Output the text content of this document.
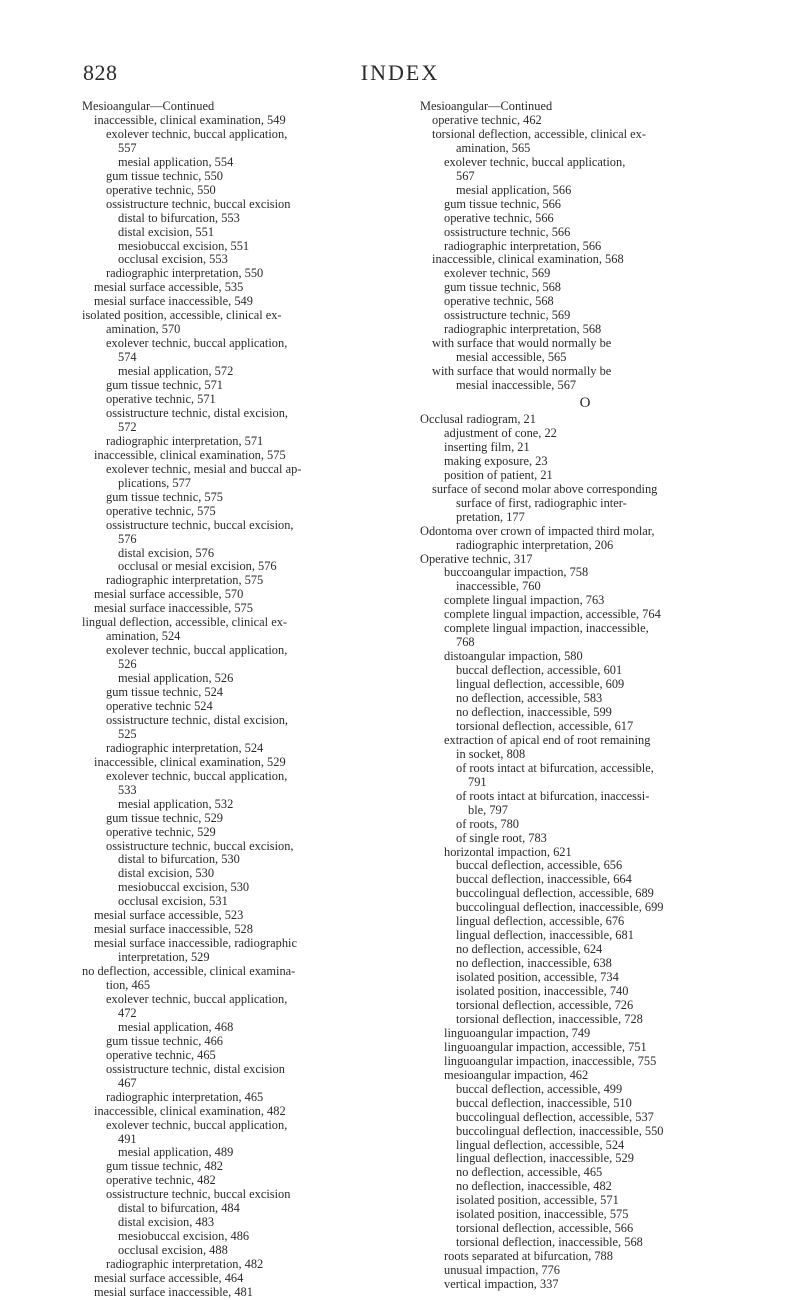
828	INDEX
Mesioangular—Continued
inaccessible, clinical examination, 549
exolever technic, buccal application,
557
mesial application, 554
gum tissue technic, 550
operative technic, 550
ossistructure technic, buccal excision
distal to bifurcation, 553
distal excision, 551
mesiobuccal excision, 551
occlusal excision, 553
radiographic interpretation, 550
mesial surface accessible, 535
mesial surface inaccessible, 549
isolated position, accessible, clinical ex-
amination, 570
exolever technic, buccal application,
574
mesial application, 572
gum tissue technic, 571
operative technic, 571
ossistructure technic, distal excision,
572
radiographic interpretation, 571
inaccessible, clinical examination, 575
exolever technic, mesial and buccal ap-
plications, 577
gum tissue technic, 575
operative technic, 575
ossistructure technic, buccal excision,
576
distal excision, 576
occlusal or mesial excision, 576
radiographic interpretation, 575
mesial surface accessible, 570
mesial surface inaccessible, 575
lingual deflection, accessible, clinical ex-
amination, 524
exolever technic, buccal application,
526
mesial application, 526
gum tissue technic, 524
operative technic 524
ossistructure technic, distal excision,
525
radiographic interpretation, 524
inaccessible, clinical examination, 529
exolever technic, buccal application,
533
mesial application, 532
gum tissue technic, 529
operative technic, 529
ossistructure technic, buccal excision,
distal to bifurcation, 530
distal excision, 530
mesiobuccal excision, 530
occlusal excision, 531
mesial surface accessible, 523
mesial surface inaccessible, 528
mesial surface inaccessible, radiographic
interpretation, 529
no deflection, accessible, clinical examina-
tion, 465
exolever technic, buccal application,
472
mesial application, 468
gum tissue technic, 466
operative technic, 465
ossistructure technic, distal excision
467
radiographic interpretation, 465
inaccessible, clinical examination, 482
exolever technic, buccal application,
491
mesial application, 489
gum tissue technic, 482
operative technic, 482
ossistructure technic, buccal excision
distal to bifurcation, 484
distal excision, 483
mesiobuccal excision, 486
occlusal excision, 488
radiographic interpretation, 482
mesial surface accessible, 464
mesial surface inaccessible, 481
Mesioangular—Continued
operative technic, 462
torsional deflection, accessible, clinical ex-
amination, 565
exolever technic, buccal application,
567
mesial application, 566
gum tissue technic, 566
operative technic, 566
ossistructure technic, 566
radiographic interpretation, 566
inaccessible, clinical examination, 568
exolever technic, 569
gum tissue technic, 568
operative technic, 568
ossistructure technic, 569
radiographic interpretation, 568
with surface that would normally be
mesial accessible, 565
with surface that would normally be
mesial inaccessible, 567
O
Occlusal radiogram, 21
adjustment of cone, 22
inserting film, 21
making exposure, 23
position of patient, 21
surface of second molar above corresponding
surface of first, radiographic inter-
pretation, 177
Odontoma over crown of impacted third molar,
radiographic interpretation, 206
Operative technic, 317
buccoangular impaction, 758
inaccessible, 760
complete lingual impaction, 763
complete lingual impaction, accessible, 764
complete lingual impaction, inaccessible,
768
distoangular impaction, 580
buccal deflection, accessible, 601
lingual deflection, accessible, 609
no deflection, accessible, 583
no deflection, inaccessible, 599
torsional deflection, accessible, 617
extraction of apical end of root remaining
in socket, 808
of roots intact at bifurcation, accessible,
791
of roots intact at bifurcation, inaccessi-
ble, 797
of roots, 780
of single root, 783
horizontal impaction, 621
buccal deflection, accessible, 656
buccal deflection, inaccessible, 664
buccolingual deflection, accessible, 689
buccolingual deflection, inaccessible, 699
lingual deflection, accessible, 676
lingual deflection, inaccessible, 681
no deflection, accessible, 624
no deflection, inaccessible, 638
isolated position, accessible, 734
isolated position, inaccessible, 740
torsional deflection, accessible, 726
torsional deflection, inaccessible, 728
linguoangular impaction, 749
linguoangular impaction, accessible, 751
linguoangular impaction, inaccessible, 755
mesioangular impaction, 462
buccal deflection, accessible, 499
buccal deflection, inaccessible, 510
buccolingual deflection, accessible, 537
buccolingual deflection, inaccessible, 550
lingual deflection, accessible, 524
lingual deflection, inaccessible, 529
no deflection, accessible, 465
no deflection, inaccessible, 482
isolated position, accessible, 571
isolated position, inaccessible, 575
torsional deflection, accessible, 566
torsional deflection, inaccessible, 568
roots separated at bifurcation, 788
unusual impaction, 776
vertical impaction, 337
